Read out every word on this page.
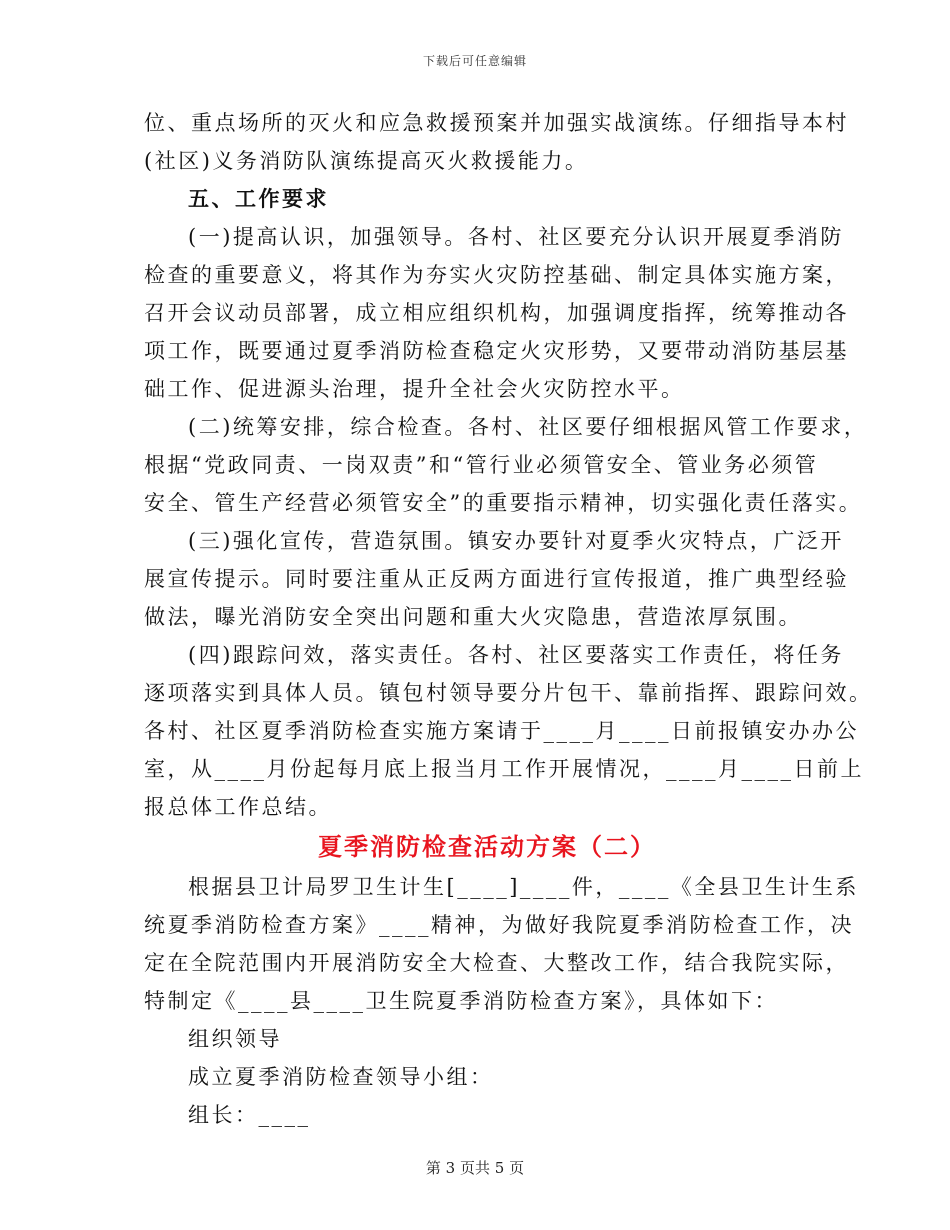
下载后可任意编辑
位、重点场所的灭火和应急救援预案并加强实战演练。仔细指导本村
(社区)义务消防队演练提高灭火救援能力。
五、工作要求
(一)提高认识，加强领导。各村、社区要充分认识开展夏季消防
检查的重要意义，将其作为夯实火灾防控基础、制定具体实施方案，
召开会议动员部署，成立相应组织机构，加强调度指挥，统筹推动各
项工作，既要通过夏季消防检查稳定火灾形势，又要带动消防基层基
础工作、促进源头治理，提升全社会火灾防控水平。
(二)统筹安排，综合检查。各村、社区要仔细根据风管工作要求，
根据“党政同责、一岗双责”和“管行业必须管安全、管业务必须管
安全、管生产经营必须管安全”的重要指示精神，切实强化责任落实。
(三)强化宣传，营造氛围。镇安办要针对夏季火灾特点，广泛开
展宣传提示。同时要注重从正反两方面进行宣传报道，推广典型经验
做法，曝光消防安全突出问题和重大火灾隐患，营造浓厚氛围。
(四)跟踪问效，落实责任。各村、社区要落实工作责任，将任务
逐项落实到具体人员。镇包村领导要分片包干、靠前指挥、跟踪问效。
各村、社区夏季消防检查实施方案请于____月____日前报镇安办办公
室，从____月份起每月底上报当月工作开展情况，____月____日前上
报总体工作总结。
夏季消防检查活动方案（二）
根据县卫计局罗卫生计生[____]____件，____《全县卫生计生系
统夏季消防检查方案》____精神，为做好我院夏季消防检查工作，决
定在全院范围内开展消防安全大检查、大整改工作，结合我院实际，
特制定《____县____卫生院夏季消防检查方案》，具体如下：
组织领导
成立夏季消防检查领导小组：
组长：____
第 3 页共 5 页
